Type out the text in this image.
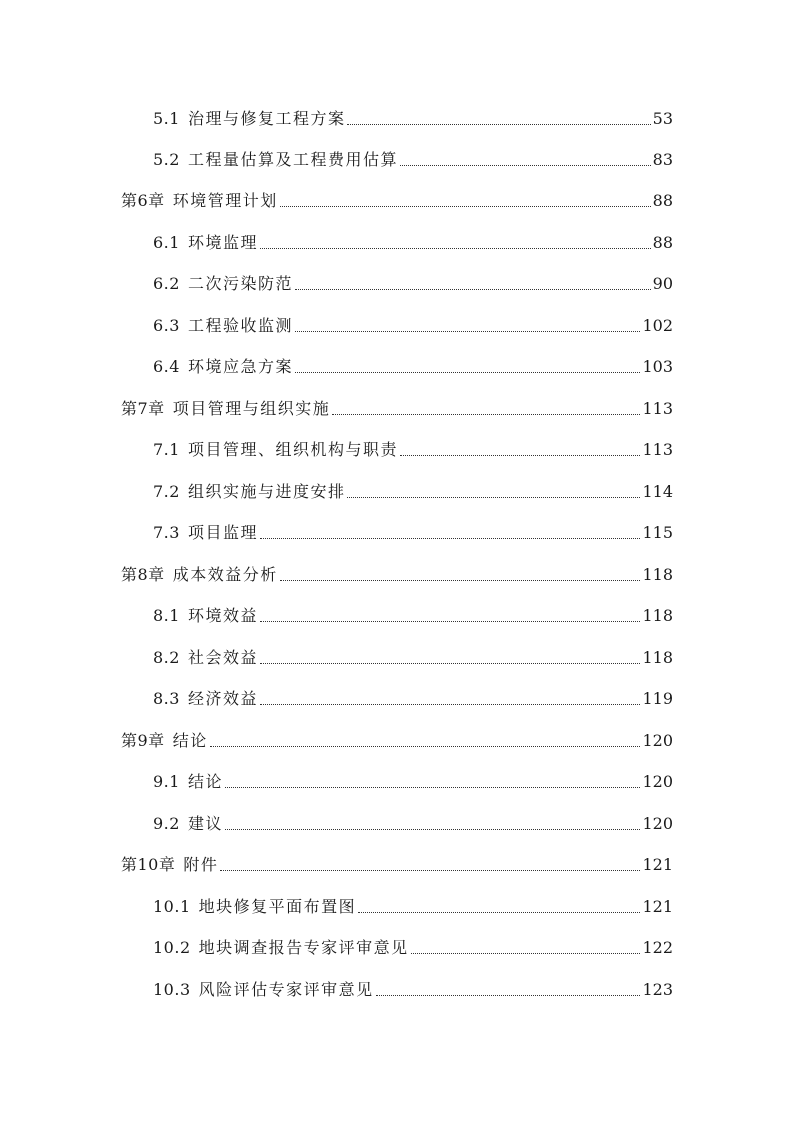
5.1 治理与修复工程方案	53
5.2 工程量估算及工程费用估算	83
第6章 环境管理计划	88
6.1 环境监理	88
6.2 二次污染防范	90
6.3 工程验收监测	102
6.4 环境应急方案	103
第7章 项目管理与组织实施	113
7.1 项目管理、组织机构与职责	113
7.2 组织实施与进度安排	114
7.3 项目监理	115
第8章 成本效益分析	118
8.1 环境效益	118
8.2 社会效益	118
8.3 经济效益	119
第9章 结论	120
9.1 结论	120
9.2 建议	120
第10章 附件	121
10.1 地块修复平面布置图	121
10.2 地块调查报告专家评审意见	122
10.3 风险评估专家评审意见	123
